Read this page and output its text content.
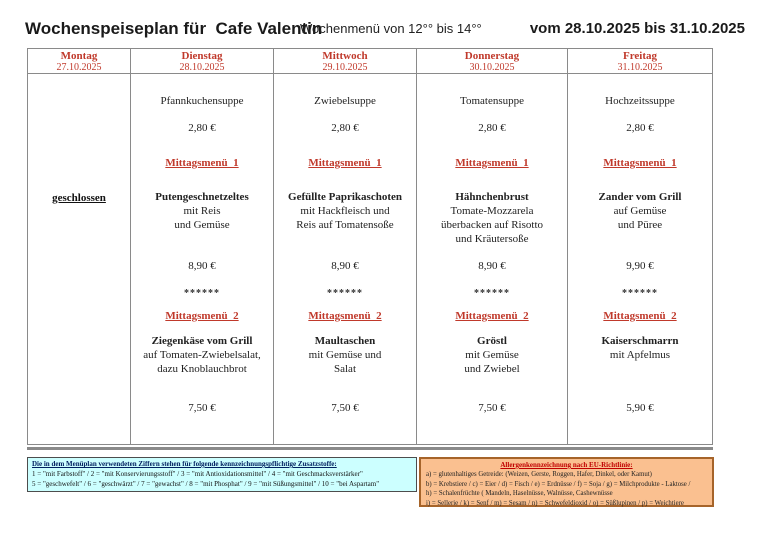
Wochenspeiseplan für  Cafe Valentin
Wochenmenü von 12°° bis 14°°	vom 28.10.2025 bis 31.10.2025
Montag
27.10.2025
geschlossen
Dienstag
28.10.2025
Pfannkuchensuppe
2,80 €
Mittagsmenü  1
Putengeschnetzeltes
mit Reis
und Gemüse
8,90 €
******
Mittagsmenü  2
Ziegenkäse vom Grill
auf Tomaten-Zwiebelsalat,
dazu Knoblauchbrot
7,50 €
Mittwoch
29.10.2025
Zwiebelsuppe
2,80 €
Mittagsmenü  1
Gefüllte Paprikaschoten
mit Hackfleisch und
Reis auf Tomatensoße
8,90 €
******
Mittagsmenü  2
Maultaschen
mit Gemüse und
Salat
7,50 €
Donnerstag
30.10.2025
Tomatensuppe
2,80 €
Mittagsmenü  1
Hähnchenbrust
Tomate-Mozzarela
überbacken auf Risotto
und Kräutersoße
8,90 €
******
Mittagsmenü  2
Gröstl
mit Gemüse
und Zwiebel
7,50 €
Freitag
31.10.2025
Hochzeitssuppe
2,80 €
Mittagsmenü  1
Zander vom Grill
auf Gemüse
und Püree
9,90 €
******
Mittagsmenü  2
Kaiserschmarrn
mit Apfelmus
5,90 €
Die in dem Menüplan verwendeten Ziffern stehen für folgende kennzeichnungspflichtige Zusatzstoffe:
1 = "mit Farbstoff" / 2 = "mit Konservierungsstoff" / 3 = "mit Antioxidationsmittel" / 4 = "mit Geschmacksverstärker"
5 = "geschwefelt" / 6 = "geschwärzt" / 7 = "gewachst" / 8 = "mit Phosphat" / 9 = "mit Süßungsmittel" / 10 = "bei Aspartam"
Allergenkennzeichnung nach EU-Richtlinie:
a) = glutenhaltiges Getreide: (Weizen, Gerste, Roggen, Hafer, Dinkel, oder Kamut)
b) = Krebstiere / c) = Eier / d) = Fisch / e) = Erdnüsse / f) = Soja / g) = Milchprodukte - Laktose /
h) = Schalenfrüchte ( Mandeln, Haselnüsse, Walnüsse, Cashewnüsse
i) = Sellerie / k) = Senf / m) = Sesam / n) = Schwefeldioxid / o) = Süßlupinen / p) = Weichtiere
